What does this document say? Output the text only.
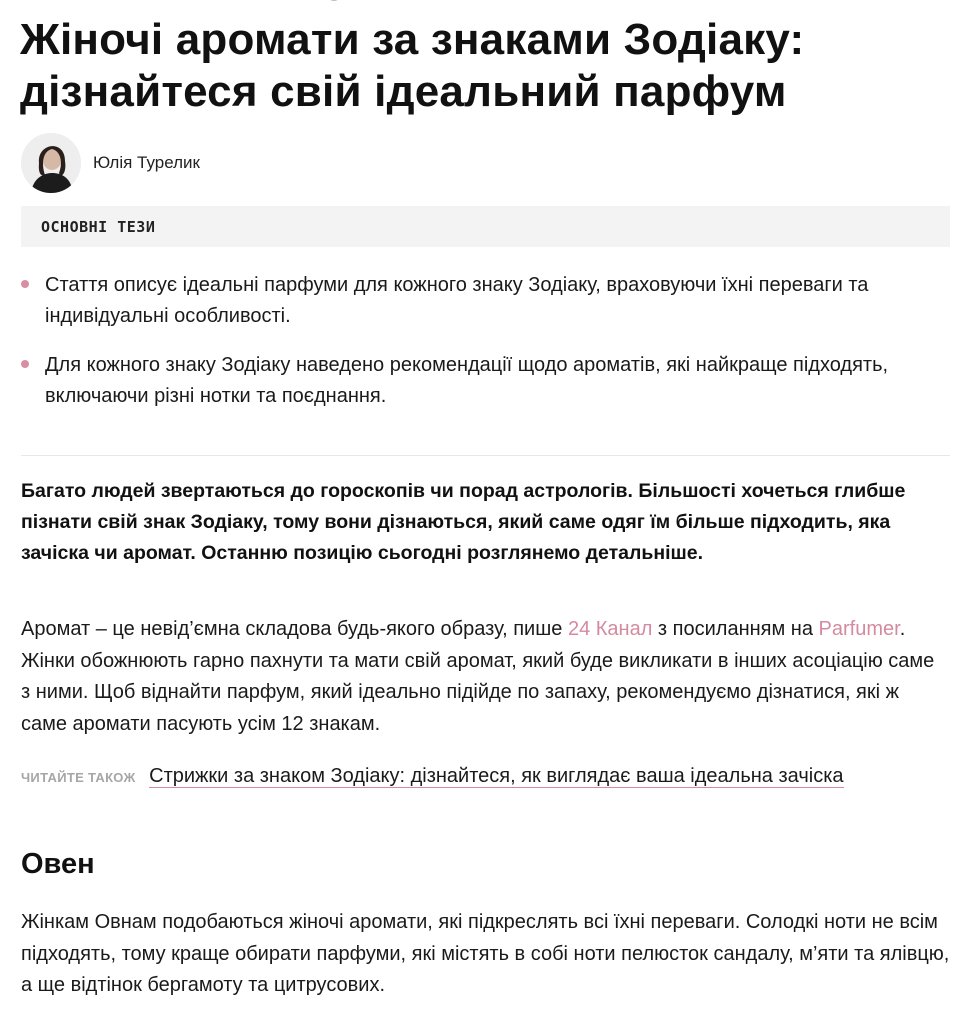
Жіночі аромати за знаками Зодіаку: дізнайтеся свій ідеальний парфум
Юлія Турелик
ОСНОВНІ ТЕЗИ
Стаття описує ідеальні парфуми для кожного знаку Зодіаку, враховуючи їхні переваги та індивідуальні особливості.
Для кожного знаку Зодіаку наведено рекомендації щодо ароматів, які найкраще підходять, включаючи різні нотки та поєднання.

Багато людей звертаються до гороскопів чи порад астрологів. Більшості хочеться глибше пізнати свій знак Зодіаку, тому вони дізнаються, який саме одяг їм більше підходить, яка зачіска чи аромат. Останню позицію сьогодні розглянемо детальніше.

Аромат – це невід’ємна складова будь-якого образу, пише 24 Канал з посиланням на Parfumer. Жінки обожнюють гарно пахнути та мати свій аромат, який буде викликати в інших асоціацію саме з ними. Щоб віднайти парфум, який ідеально підійде по запаху, рекомендуємо дізнатися, які ж саме аромати пасують усім 12 знакам.

ЧИТАЙТЕ ТАКОЖ Стрижки за знаком Зодіаку: дізнайтеся, як виглядає ваша ідеальна зачіска
Овен

Жінкам Овнам подобаються жіночі аромати, які підкреслять всі їхні переваги. Солодкі ноти не всім підходять, тому краще обирати парфуми, які містять в собі ноти пелюсток сандалу, м’яти та ялівцю, а ще відтінок бергамоту та цитрусових.
